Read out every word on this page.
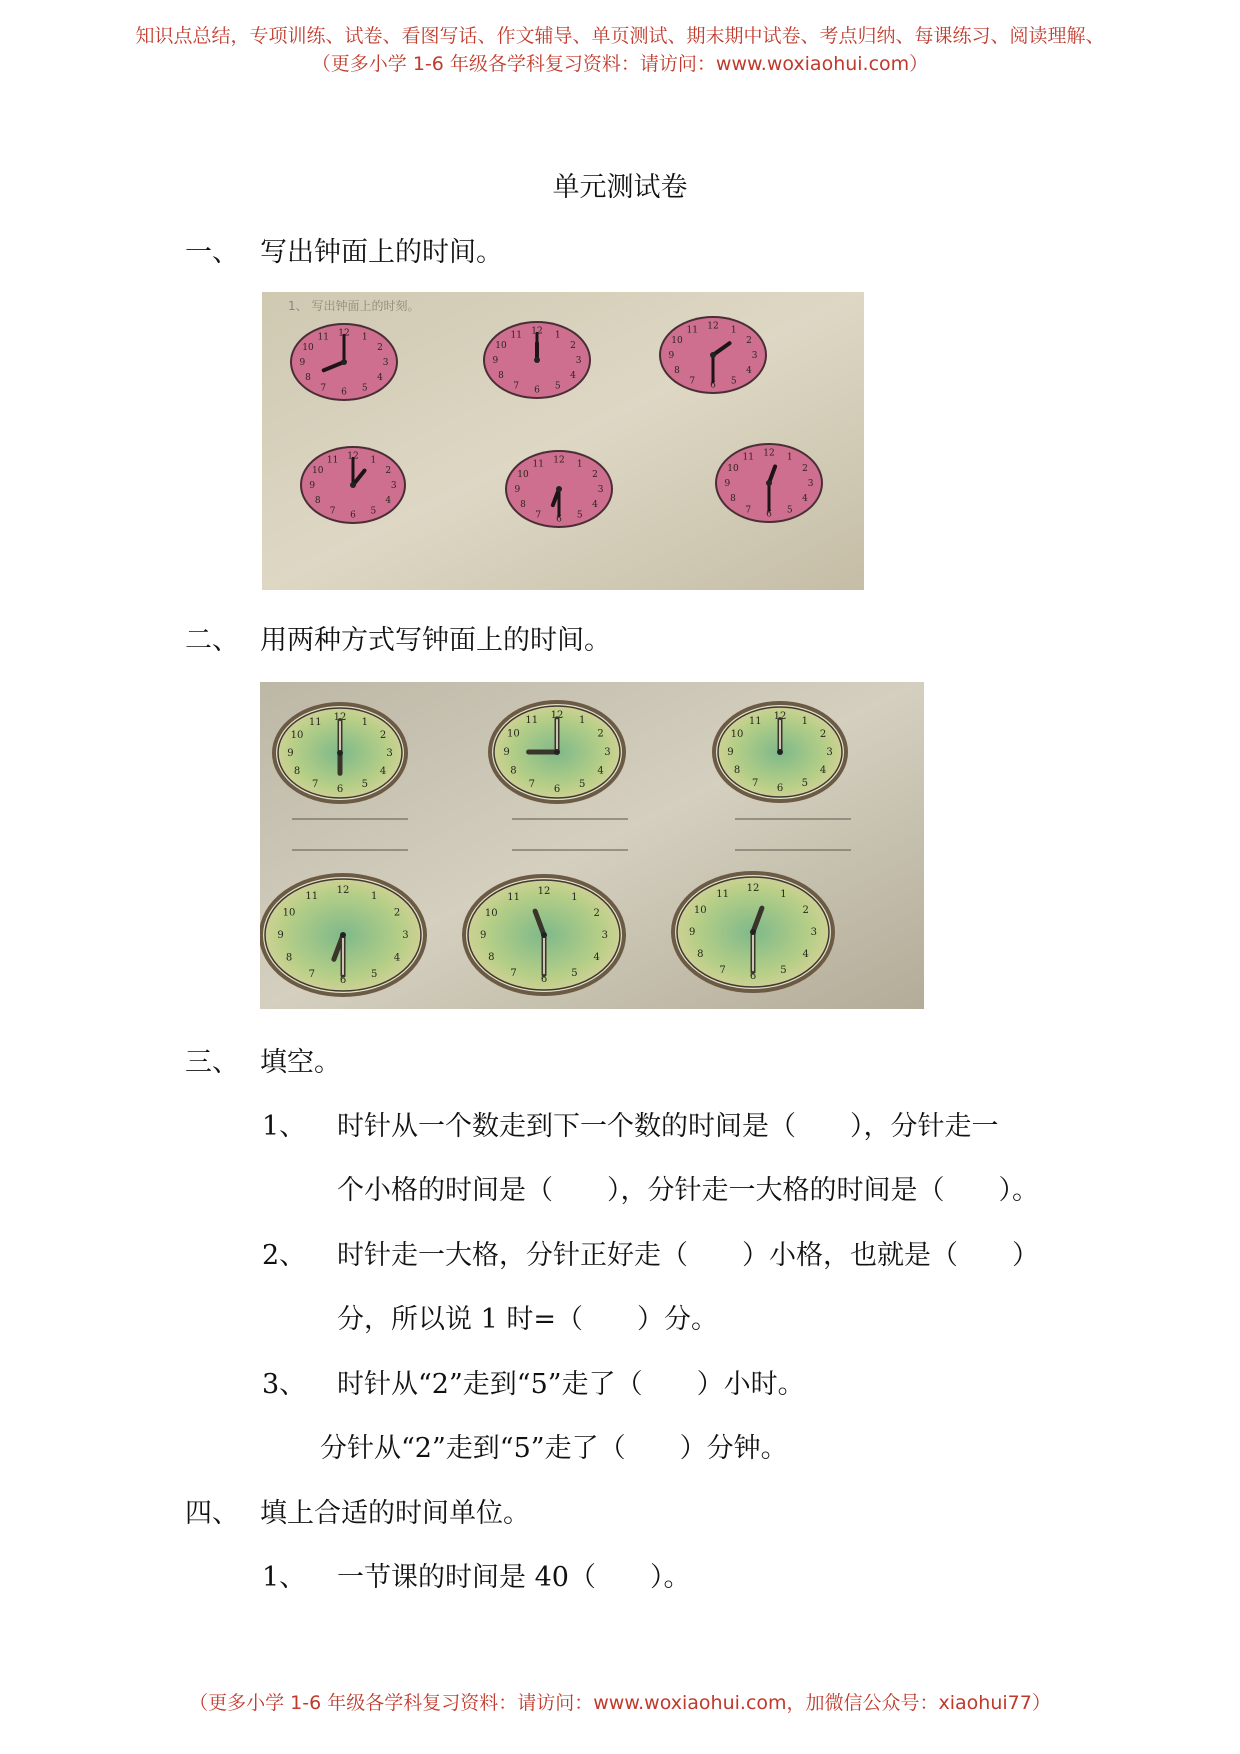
知识点总结，专项训练、试卷、看图写话、作文辅导、单页测试、期末期中试卷、考点归纳、每课练习、阅读理解、
（更多小学 1-6 年级各学科复习资料：请访问：www.woxiaohui.com）
单元测试卷
一、 写出钟面上的时间。
1、 写出钟面上的时刻。
1
2
3
4
5
6
7
8
9
10
11 12	1
2
3
4
5
6
7
8
9
10
11 12	1
2
3
4
5
6
7
8
9
10
11 12
1
2
3
4
5
6
7
8
9
10
11 12
1
2
3
4
5
6
7
8
9
10
11 12	1
2
3
4
5
6
7
8
9
10
11 12
二、 用两种方式写钟面上的时间。
1
2
3
4
5
6
7
8
9
10
11 12	1
2
3
4
5
6
7
8
9
10
11 12
1
2
3
4
5
6
7
8
9
10
11 12
1
2
3
4
5
6
7
8
9
10
11
12
1
2
3
4
5
6
7
8
9
10
11
12	1
2
3
4
5
6
7
8
9
10
11
12
三、 填空。
1、 时针从一个数走到下一个数的时间是（　　），分针走一
个小格的时间是（　　），分针走一大格的时间是（　　）。
2、 时针走一大格，分针正好走（　　）小格，也就是（　　）
分，所以说 1 时=（　　）分。
3、 时针从“2”走到“5”走了（　　）小时。
分针从“2”走到“5”走了（　　）分钟。
四、 填上合适的时间单位。
1、 一节课的时间是 40（　　）。
（更多小学 1-6 年级各学科复习资料：请访问：www.woxiaohui.com，加微信公众号：xiaohui77）
